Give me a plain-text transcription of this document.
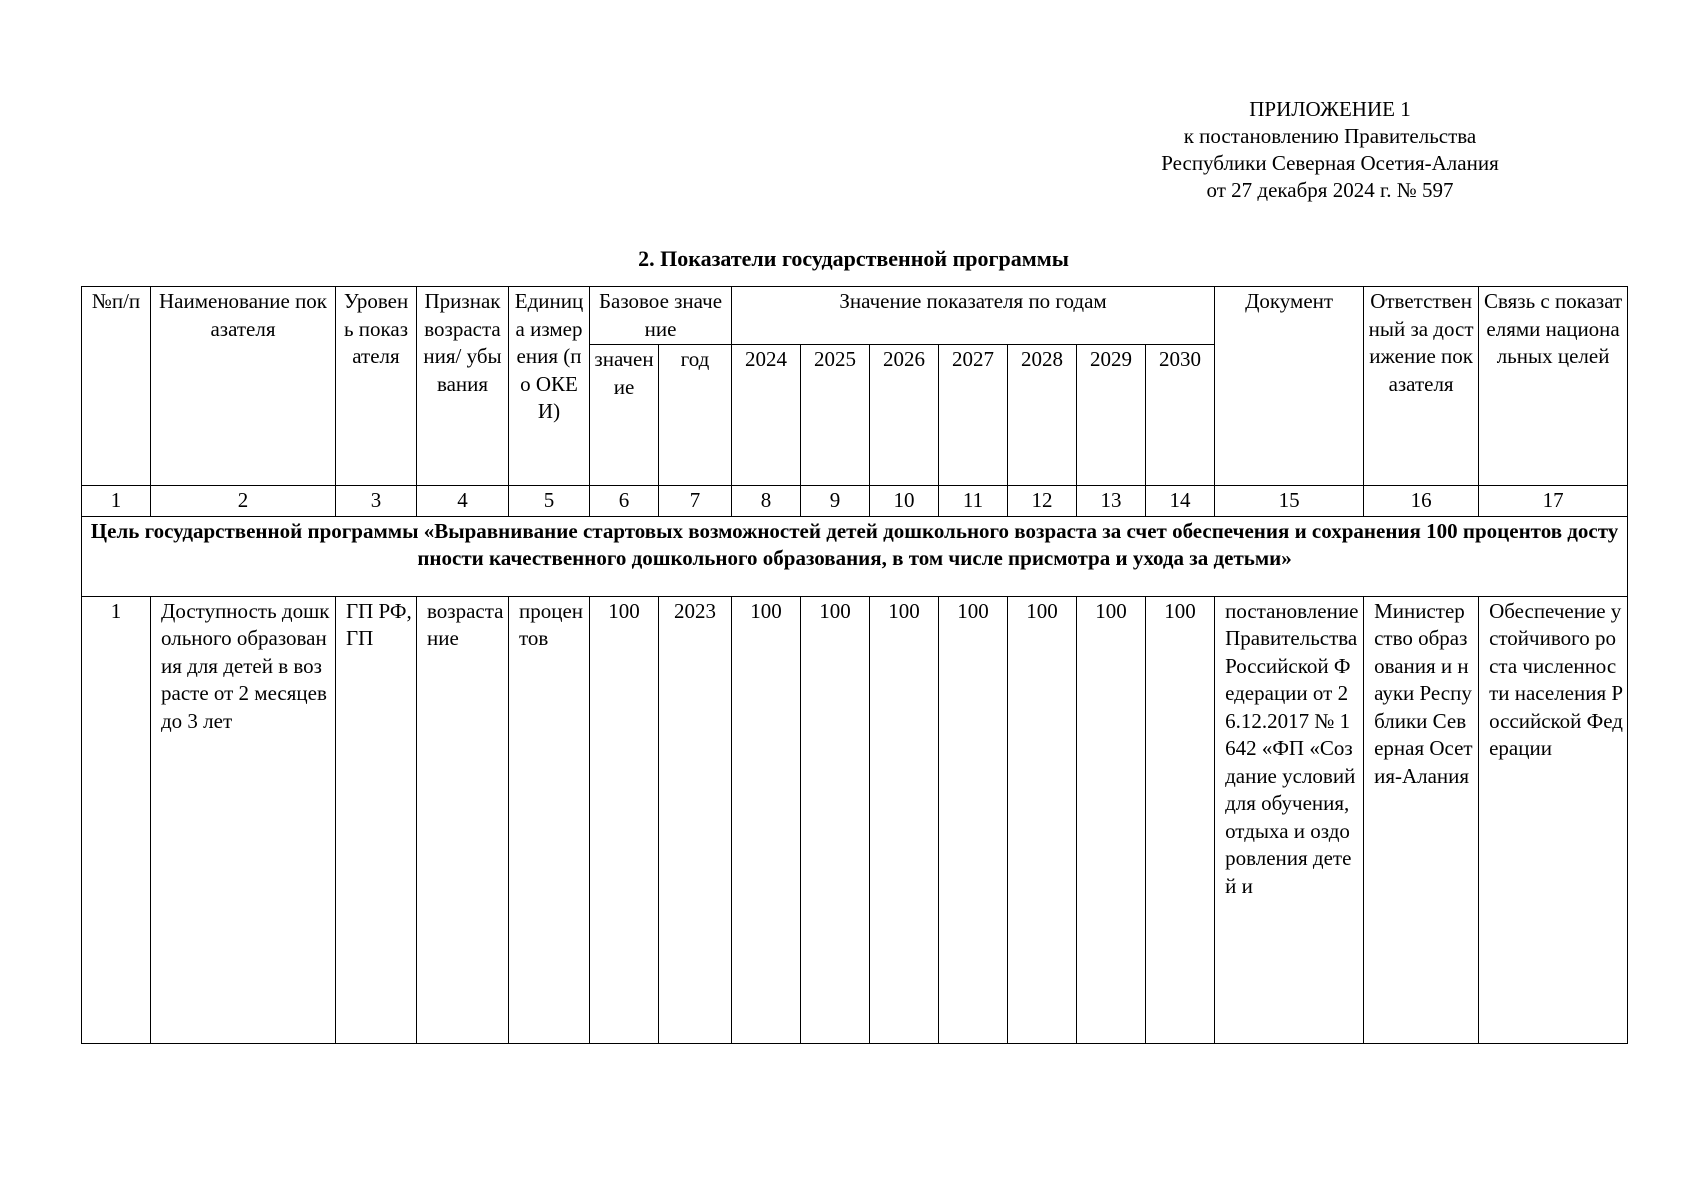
ПРИЛОЖЕНИЕ 1
к постановлению Правительства
Республики Северная Осетия-Алания
от 27 декабря 2024 г. № 597
2. Показатели государственной программы
№п/п	Наименование показателя	Уровень показателя	Признак возрастания/ убывания	Единица измерения (по ОКЕИ)	Базовое значение		Значение показателя по годам							Документ	Ответственный за достижение показателя	Связь с показателями национальных целей
					значение	год	2024	2025	2026	2027	2028	2029	2030			
1	2	3	4	5	6	7	8	9	10	11	12	13	14	15	16	17
Цель государственной программы «Выравнивание стартовых возможностей детей дошкольного возраста за счет обеспечения и сохранения 100 процентов доступности качественного дошкольного образования, в том числе присмотра и ухода за детьми»																
1	Доступность дошкольного образования для детей в возрасте от 2 месяцев до 3 лет	ГП РФ, ГП	возрастание	процентов	100	2023	100	100	100	100	100	100	100	постановление Правительства Российской Федерации от 26.12.2017 № 1642 «ФП «Создание условий для обучения, отдыха и оздоровления детей и	Министерство образования и науки Республики Северная Осетия-Алания	Обеспечение устойчивого роста численности населения Российской Федерации
